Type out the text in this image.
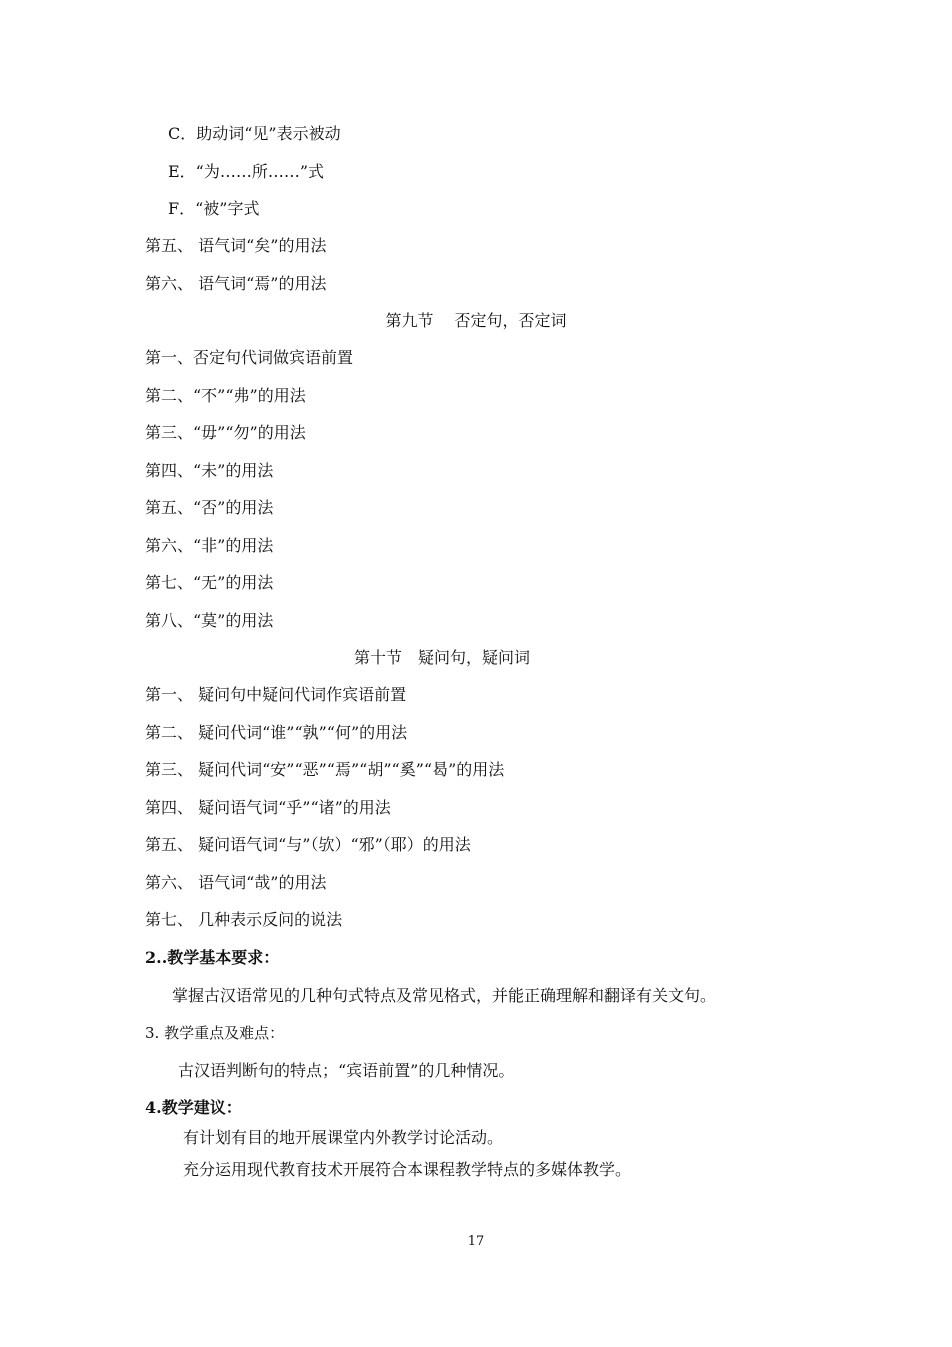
C．助动词“见”表示被动
E．“为……所……”式
F．“被”字式
第五、 语气词“矣”的用法
第六、 语气词“焉”的用法
第九节　 否定句，否定词
第一、否定句代词做宾语前置
第二、“不”“弗”的用法
第三、“毋”“勿”的用法
第四、“未”的用法
第五、“否”的用法
第六、“非”的用法
第七、“无”的用法
第八、“莫”的用法
第十节　疑问句，疑问词
第一、 疑问句中疑问代词作宾语前置
第二、 疑问代词“谁”“孰”“何”的用法
第三、 疑问代词“安”“恶”“焉”“胡”“奚”“曷”的用法
第四、 疑问语气词“乎”“诸”的用法
第五、 疑问语气词“与”（欤）“邪”（耶）的用法
第六、 语气词“哉”的用法
第七、 几种表示反问的说法
2..教学基本要求：
掌握古汉语常见的几种句式特点及常见格式，并能正确理解和翻译有关文句。
3. 教学重点及难点：
古汉语判断句的特点；“宾语前置”的几种情况。
4.教学建议：
有计划有目的地开展课堂内外教学讨论活动。
充分运用现代教育技术开展符合本课程教学特点的多媒体教学。
17
